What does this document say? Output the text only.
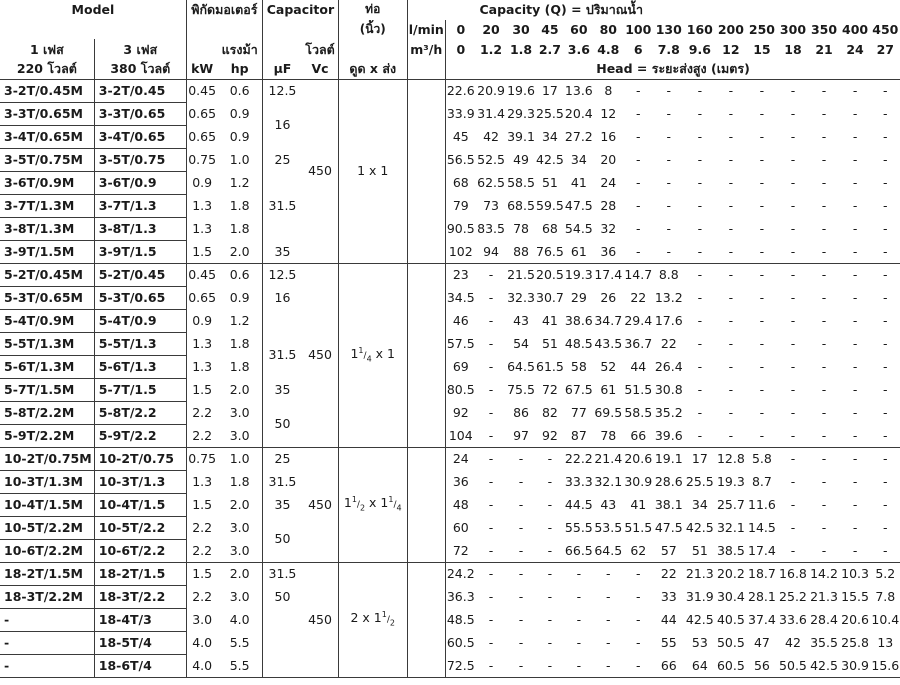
Model		พิกัดมอเตอร์		Capacitor		ท่อ	Capacity (Q) = ปริมาณน้ำ															
						(นิ้ว)	l/min	0	20	30	45	60	80	100	130	160	200	250	300	350	400	450
1 เฟส	3 เฟส		แรงม้า		โวลต์		m³/h	0	1.2	1.8	2.7	3.6	4.8	6	7.8	9.6	12	15	18	21	24	27
220 โวลต์	380 โวลต์	kW	hp	μF	Vc	ดูด x ส่ง		Head = ระยะส่งสูง (เมตร)														
3-2T/0.45M	3-2T/0.45	0.45	0.6	12.5	450	1 x 1		22.6	20.9	19.6	17	13.6	8	-	-	-	-	-	-	-	-	-
3-3T/0.65M	3-3T/0.65	0.65	0.9	16				33.9	31.4	29.3	25.5	20.4	12	-	-	-	-	-	-	-	-	-
3-4T/0.65M	3-4T/0.65	0.65	0.9					45	42	39.1	34	27.2	16	-	-	-	-	-	-	-	-	-
3-5T/0.75M	3-5T/0.75	0.75	1.0	25				56.5	52.5	49	42.5	34	20	-	-	-	-	-	-	-	-	-
3-6T/0.9M	3-6T/0.9	0.9	1.2	31.5				68	62.5	58.5	51	41	24	-	-	-	-	-	-	-	-	-
3-7T/1.3M	3-7T/1.3	1.3	1.8					79	73	68.5	59.5	47.5	28	-	-	-	-	-	-	-	-	-
3-8T/1.3M	3-8T/1.3	1.3	1.8					90.5	83.5	78	68	54.5	32	-	-	-	-	-	-	-	-	-
3-9T/1.5M	3-9T/1.5	1.5	2.0	35				102	94	88	76.5	61	36	-	-	-	-	-	-	-	-	-
5-2T/0.45M	5-2T/0.45	0.45	0.6	12.5	450	$1^1/_4$ x 1		23	-	21.5	20.5	19.3	17.4	14.7	8.8	-	-	-	-	-	-	-
5-3T/0.65M	5-3T/0.65	0.65	0.9	16				34.5	-	32.3	30.7	29	26	22	13.2	-	-	-	-	-	-	-
5-4T/0.9M	5-4T/0.9	0.9	1.2					46	-	43	41	38.6	34.7	29.4	17.6	-	-	-	-	-	-	-
5-5T/1.3M	5-5T/1.3	1.3	1.8	31.5				57.5	-	54	51	48.5	43.5	36.7	22	-	-	-	-	-	-	-
5-6T/1.3M	5-6T/1.3	1.3	1.8					69	-	64.5	61.5	58	52	44	26.4	-	-	-	-	-	-	-
5-7T/1.5M	5-7T/1.5	1.5	2.0	35				80.5	-	75.5	72	67.5	61	51.5	30.8	-	-	-	-	-	-	-
5-8T/2.2M	5-8T/2.2	2.2	3.0	50				92	-	86	82	77	69.5	58.5	35.2	-	-	-	-	-	-	-
5-9T/2.2M	5-9T/2.2	2.2	3.0					104	-	97	92	87	78	66	39.6	-	-	-	-	-	-	-
10-2T/0.75M	10-2T/0.75	0.75	1.0	25	450	$1^1/_2$ x $1^1/_4$		24	-	-	-	22.2	21.4	20.6	19.1	17	12.8	5.8	-	-	-	-
10-3T/1.3M	10-3T/1.3	1.3	1.8	31.5				36	-	-	-	33.3	32.1	30.9	28.6	25.5	19.3	8.7	-	-	-	-
10-4T/1.5M	10-4T/1.5	1.5	2.0	35				48	-	-	-	44.5	43	41	38.1	34	25.7	11.6	-	-	-	-
10-5T/2.2M	10-5T/2.2	2.2	3.0	50				60	-	-	-	55.5	53.5	51.5	47.5	42.5	32.1	14.5	-	-	-	-
10-6T/2.2M	10-6T/2.2	2.2	3.0					72	-	-	-	66.5	64.5	62	57	51	38.5	17.4	-	-	-	-
18-2T/1.5M	18-2T/1.5	1.5	2.0	31.5	450	2 x $1^1/_2$		24.2	-	-	-	-	-	-	22	21.3	20.2	18.7	16.8	14.2	10.3	5.2
18-3T/2.2M	18-3T/2.2	2.2	3.0	50				36.3	-	-	-	-	-	-	33	31.9	30.4	28.1	25.2	21.3	15.5	7.8
-	18-4T/3	3.0	4.0					48.5	-	-	-	-	-	-	44	42.5	40.5	37.4	33.6	28.4	20.6	10.4
-	18-5T/4	4.0	5.5					60.5	-	-	-	-	-	-	55	53	50.5	47	42	35.5	25.8	13
-	18-6T/4	4.0	5.5					72.5	-	-	-	-	-	-	66	64	60.5	56	50.5	42.5	30.9	15.6
